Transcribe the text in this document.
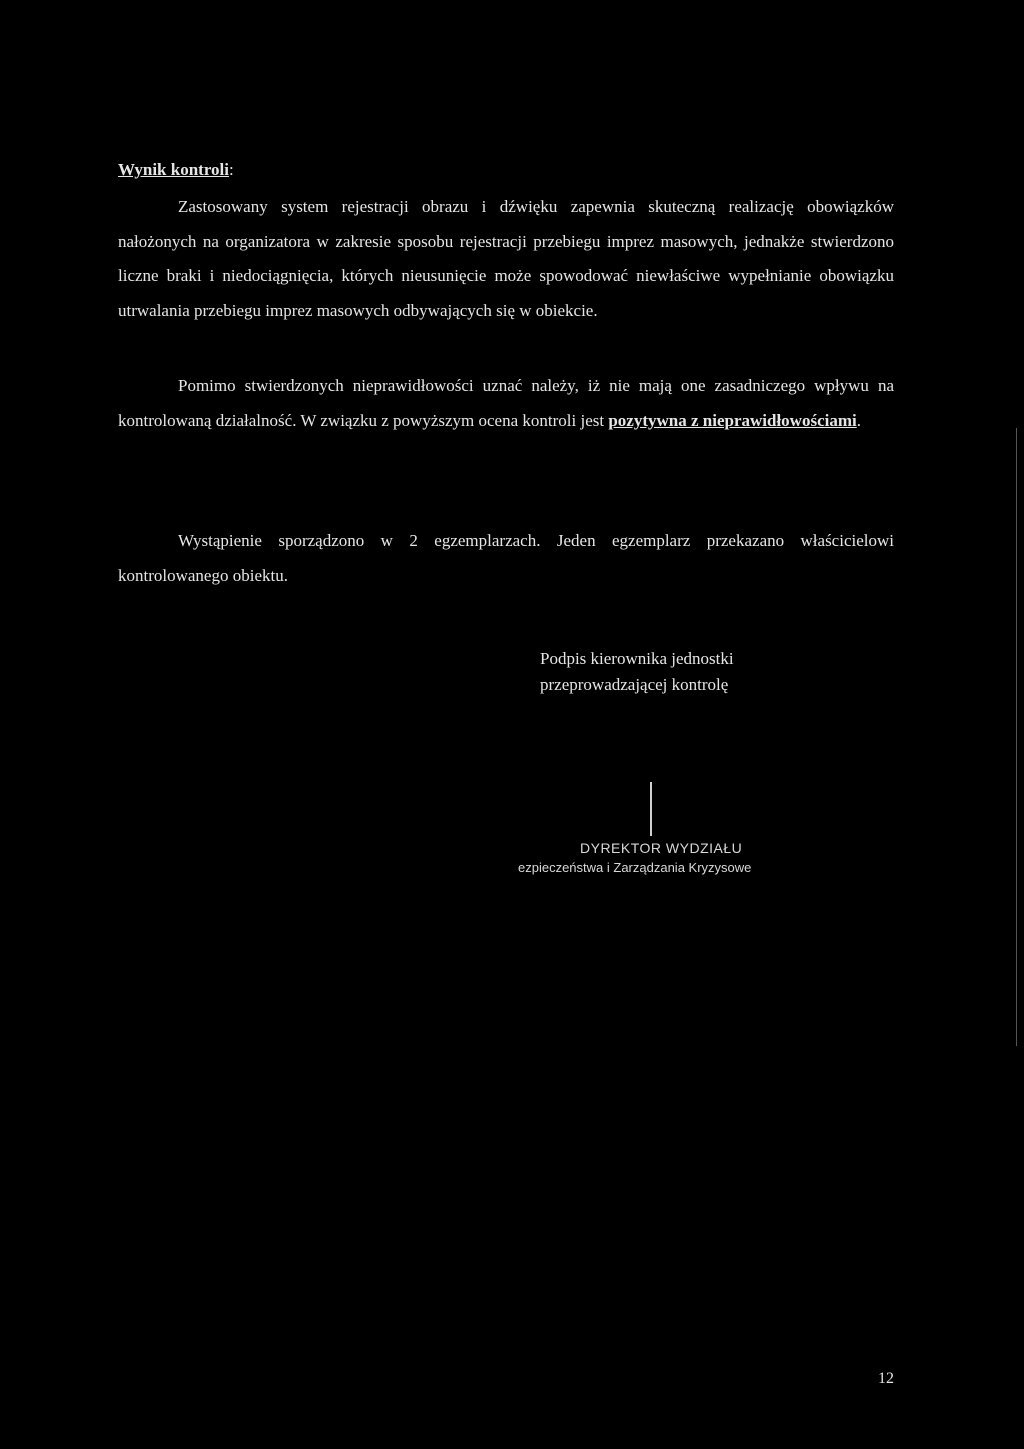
Wynik kontroli:

Zastosowany system rejestracji obrazu i dźwięku zapewnia skuteczną realizację obowiązków nałożonych na organizatora w zakresie sposobu rejestracji przebiegu imprez masowych, jednakże stwierdzono liczne braki i niedociągnięcia, których nieusunięcie może spowodować niewłaściwe wypełnianie obowiązku utrwalania przebiegu imprez masowych odbywających się w obiekcie.

Pomimo stwierdzonych nieprawidłowości uznać należy, iż nie mają one zasadniczego wpływu na kontrolowaną działalność. W związku z powyższym ocena kontroli jest pozytywna z nieprawidłowościami.

Wystąpienie sporządzono w 2 egzemplarzach. Jeden egzemplarz przekazano właścicielowi kontrolowanego obiektu.

Podpis kierownika jednostki
przeprowadzającej kontrolę
DYREKTOR WYDZIAŁU
ezpieczeństwa i Zarządzania Kryzysowe
12
